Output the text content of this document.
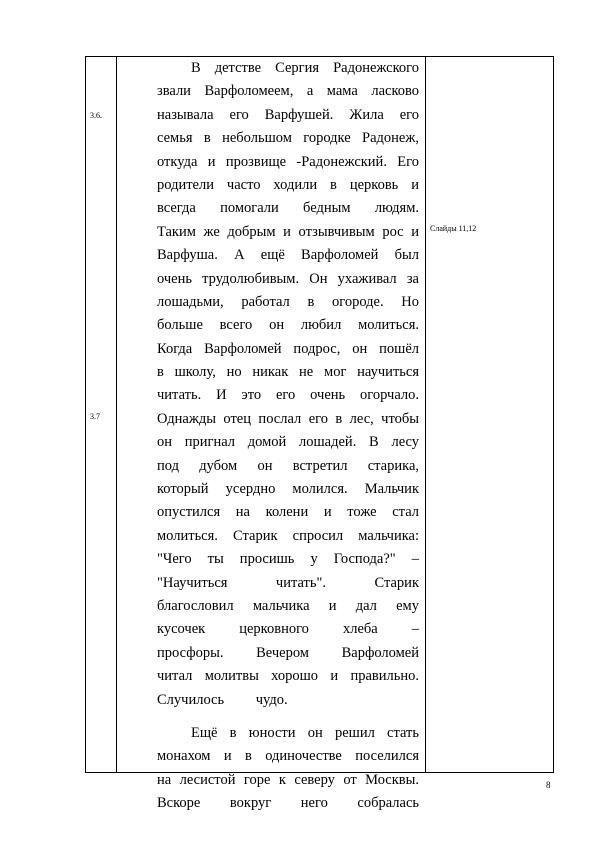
3.6.
3.7
В детстве Сергия Радонежского
звали Варфоломеем, а мама ласково
называла его Варфушей. Жила его
семья в небольшом городке Радонеж,
откуда и прозвище -Радонежский. Его
родители часто ходили в церковь и
всегда помогали бедным людям.
Таким же добрым и отзывчивым рос и
Варфуша. А ещё Варфоломей был
очень трудолюбивым. Он ухаживал за
лошадьми, работал в огороде. Но
больше всего он любил молиться.
Когда Варфоломей подрос, он пошёл
в школу, но никак не мог научиться
читать. И это его очень огорчало.
Однажды отец послал его в лес, чтобы
он пригнал домой лошадей. В лесу
под дубом он встретил старика,
который усердно молился. Мальчик
опустился на колени и тоже стал
молиться. Старик спросил мальчика:
"Чего ты просишь у Господа?" –
"Научиться читать". Старик
благословил мальчика и дал ему
кусочек церковного хлеба –
просфоры. Вечером Варфоломей
читал молитвы хорошо и правильно.
Случилось чудо.
Ещё в юности он решил стать
монахом и в одиночестве поселился
на лесистой горе к северу от Москвы.
Вскоре вокруг него собралась
Слайды 11,12
8
